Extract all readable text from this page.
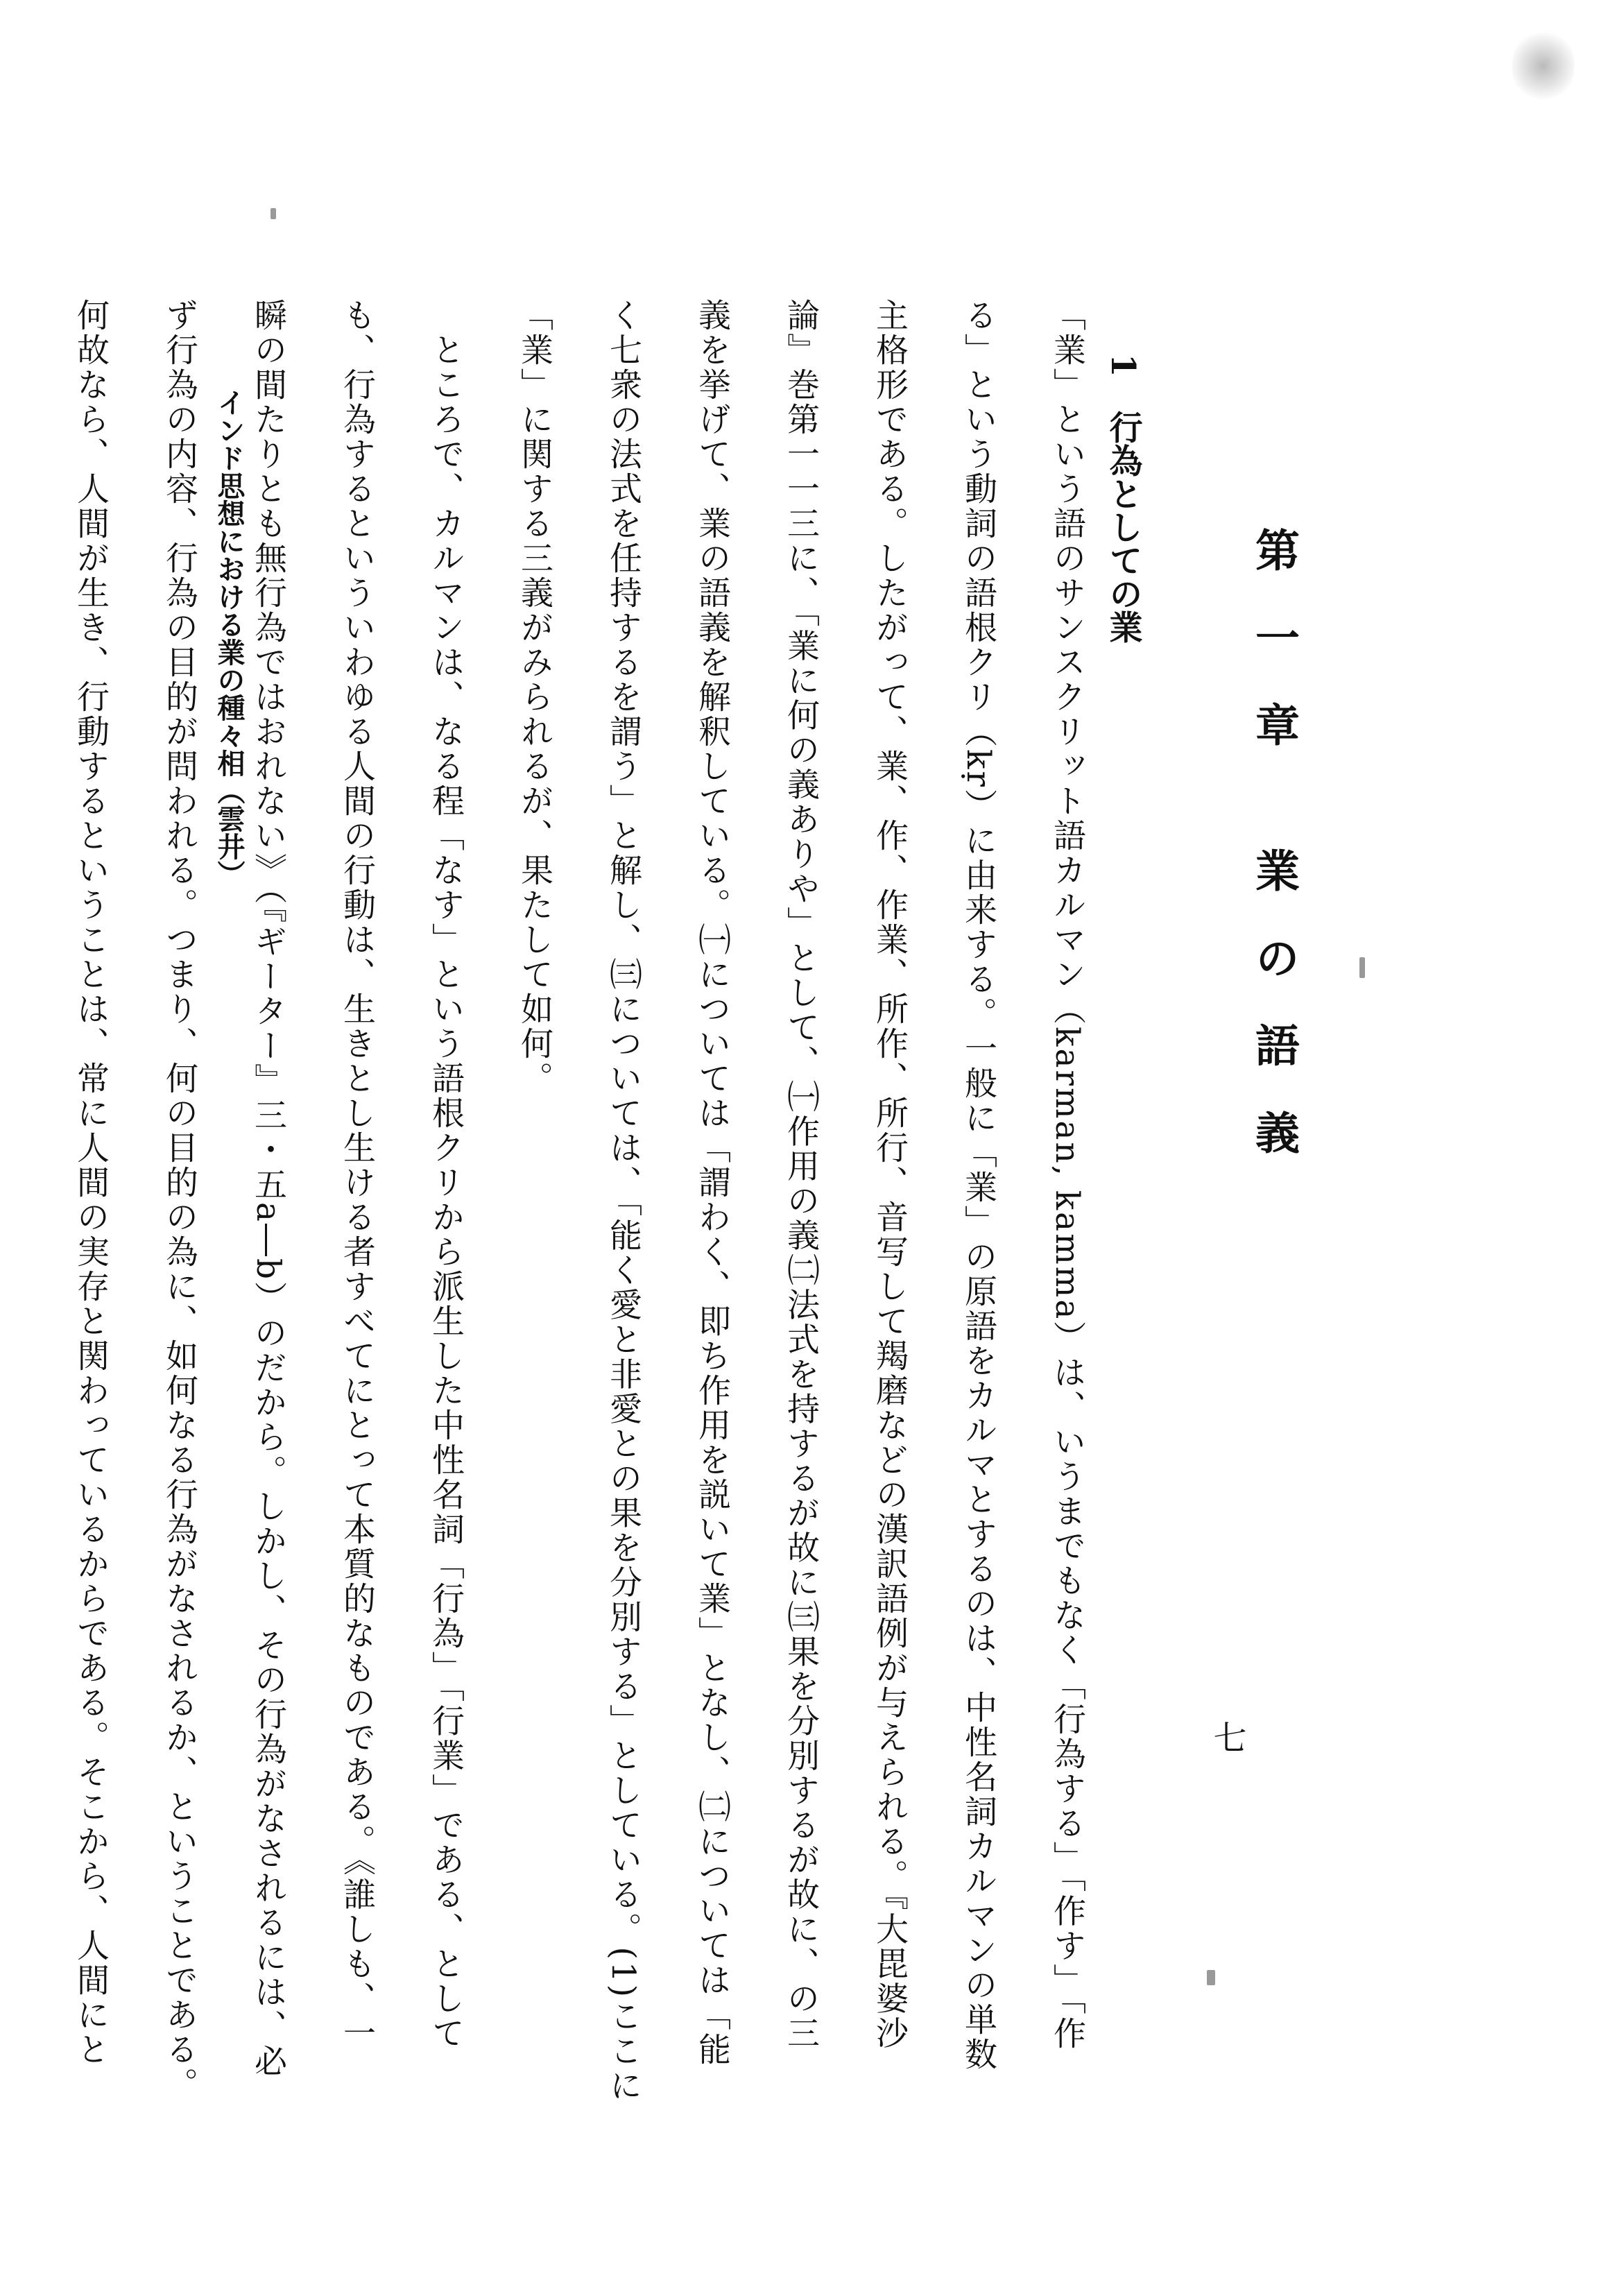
第一章 業の語義
1　行為としての業
「業」という語のサンスクリット語カルマン（karman, kamma）は、いうまでもなく「行為する」「作す」「作
る」という動詞の語根クリ（kṛ）に由来する。一般に「業」の原語をカルマとするのは、中性名詞カルマンの単数
主格形である。したがって、業、作、作業、所作、所行、音写して羯磨などの漢訳語例が与えられる。『大毘婆沙
論』巻第一一三に、「業に何の義ありや」として、㈠作用の義㈡法式を持するが故に㈢果を分別するが故に、の三
義を挙げて、業の語義を解釈している。㈠については「謂わく、即ち作用を説いて業」となし、㈡については「能
く七衆の法式を任持するを謂う」と解し、㈢については、「能く愛と非愛との果を分別する」としている。(1)ここに
「業」に関する三義がみられるが、果たして如何。
ところで、カルマンは、なる程「なす」という語根クリから派生した中性名詞「行為」「行業」である、として
も、行為するといういわゆる人間の行動は、生きとし生ける者すべてにとって本質的なものである。《誰しも、一
瞬の間たりとも無行為ではおれない》（『ギーター』三・五a―b）のだから。しかし、その行為がなされるには、必
ず行為の内容、行為の目的が問われる。つまり、何の目的の為に、如何なる行為がなされるか、ということである。
何故なら、人間が生き、行動するということは、常に人間の実存と関わっているからである。そこから、人間にと	インド思想における業の種々相（雲井）
七
